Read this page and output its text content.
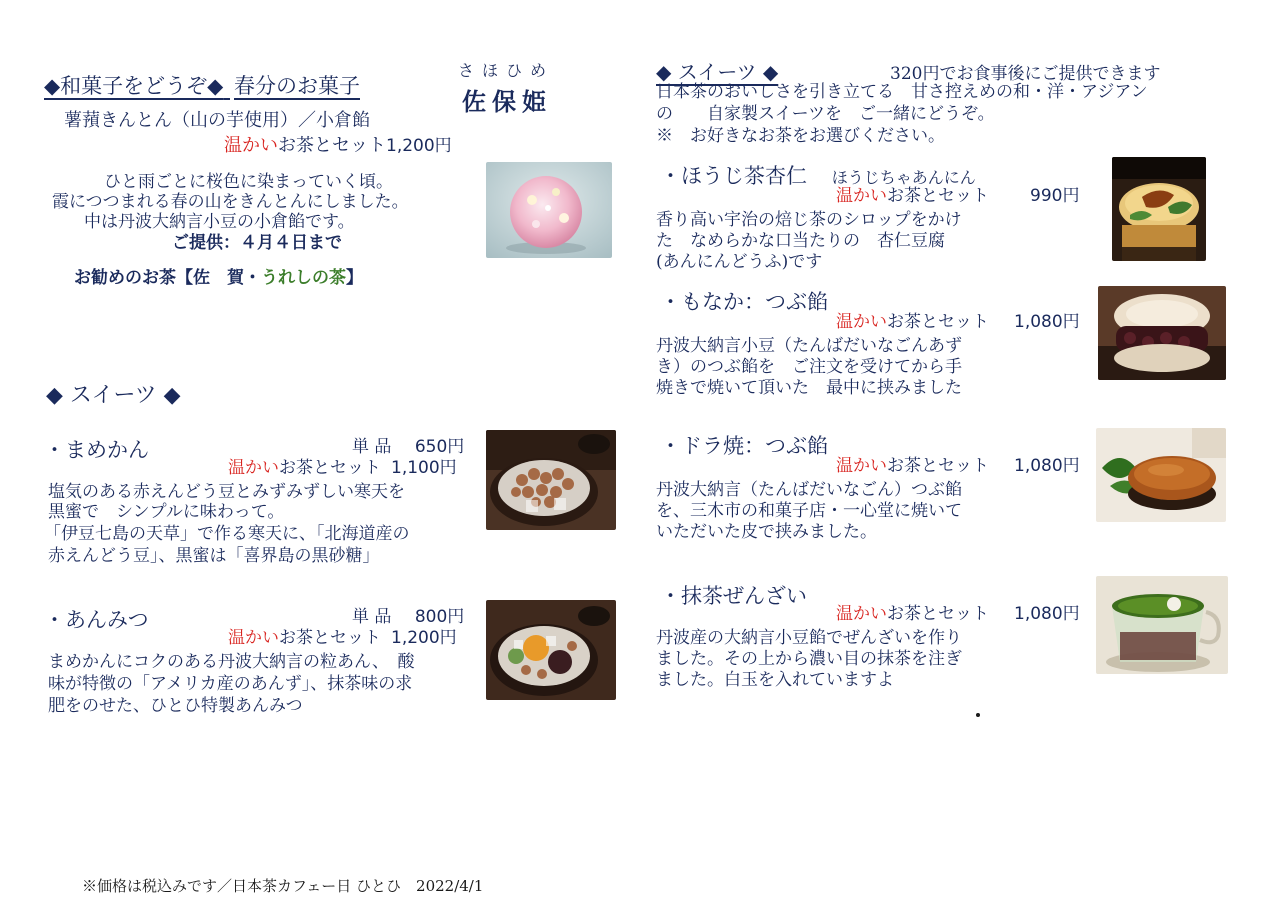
◆和菓子をどうぞ◆ 春分のお菓子
さほひめ
佐保姫
薯蕷きんとん（山の芋使用）／小倉餡
温かいお茶とセット1,200円
ひと雨ごとに桜色に染まっていく頃。
霞につつまれる春の山をきんとんにしました。
中は丹波大納言小豆の小倉餡です。
ご提供：４月４日まで
お勧めのお茶【佐　賀・うれしの茶】
◆ スイーツ ◆
・まめかん	単 品 650円
温かいお茶とセット 1,100円
塩気のある赤えんどう豆とみずみずしい寒天を
黒蜜で　シンプルに味わって。
「伊豆七島の天草」で作る寒天に、「北海道産の
赤えんどう豆」、黒蜜は「喜界島の黒砂糖」
・あんみつ	単 品 800円
温かいお茶とセット 1,200円
まめかんにコクのある丹波大納言の粒あん、　酸
味が特徴の「アメリカ産のあんず」、抹茶味の求
肥をのせた、ひとひ特製あんみつ
◆ スイーツ ◆	320円でお食事後にご提供できます
日本茶のおいしさを引き立てる　甘さ控えめの和・洋・アジアン
の　　自家製スイーツを　ご一緒にどうぞ。
※　お好きなお茶をお選びください。
・ほうじ茶杏仁 ほうじちゃあんにん
温かいお茶とセット 990円
香り高い宇治の焙じ茶のシロップをかけ
た　なめらかな口当たりの　杏仁豆腐
(あんにんどうふ)です
・もなか：つぶ餡
温かいお茶とセット 1,080円
丹波大納言小豆（たんばだいなごんあず
き）のつぶ餡を　ご注文を受けてから手
焼きで焼いて頂いた　最中に挟みました
・ドラ焼：つぶ餡
温かいお茶とセット 1,080円
丹波大納言（たんばだいなごん）つぶ餡
を、三木市の和菓子店・一心堂に焼いて
いただいた皮で挟みました。
・抹茶ぜんざい
温かいお茶とセット 1,080円
丹波産の大納言小豆餡でぜんざいを作り
ました。その上から濃い目の抹茶を注ぎ
ました。白玉を入れていますよ
※価格は税込みです／日本茶カフェー日 ひとひ　2022/4/1
